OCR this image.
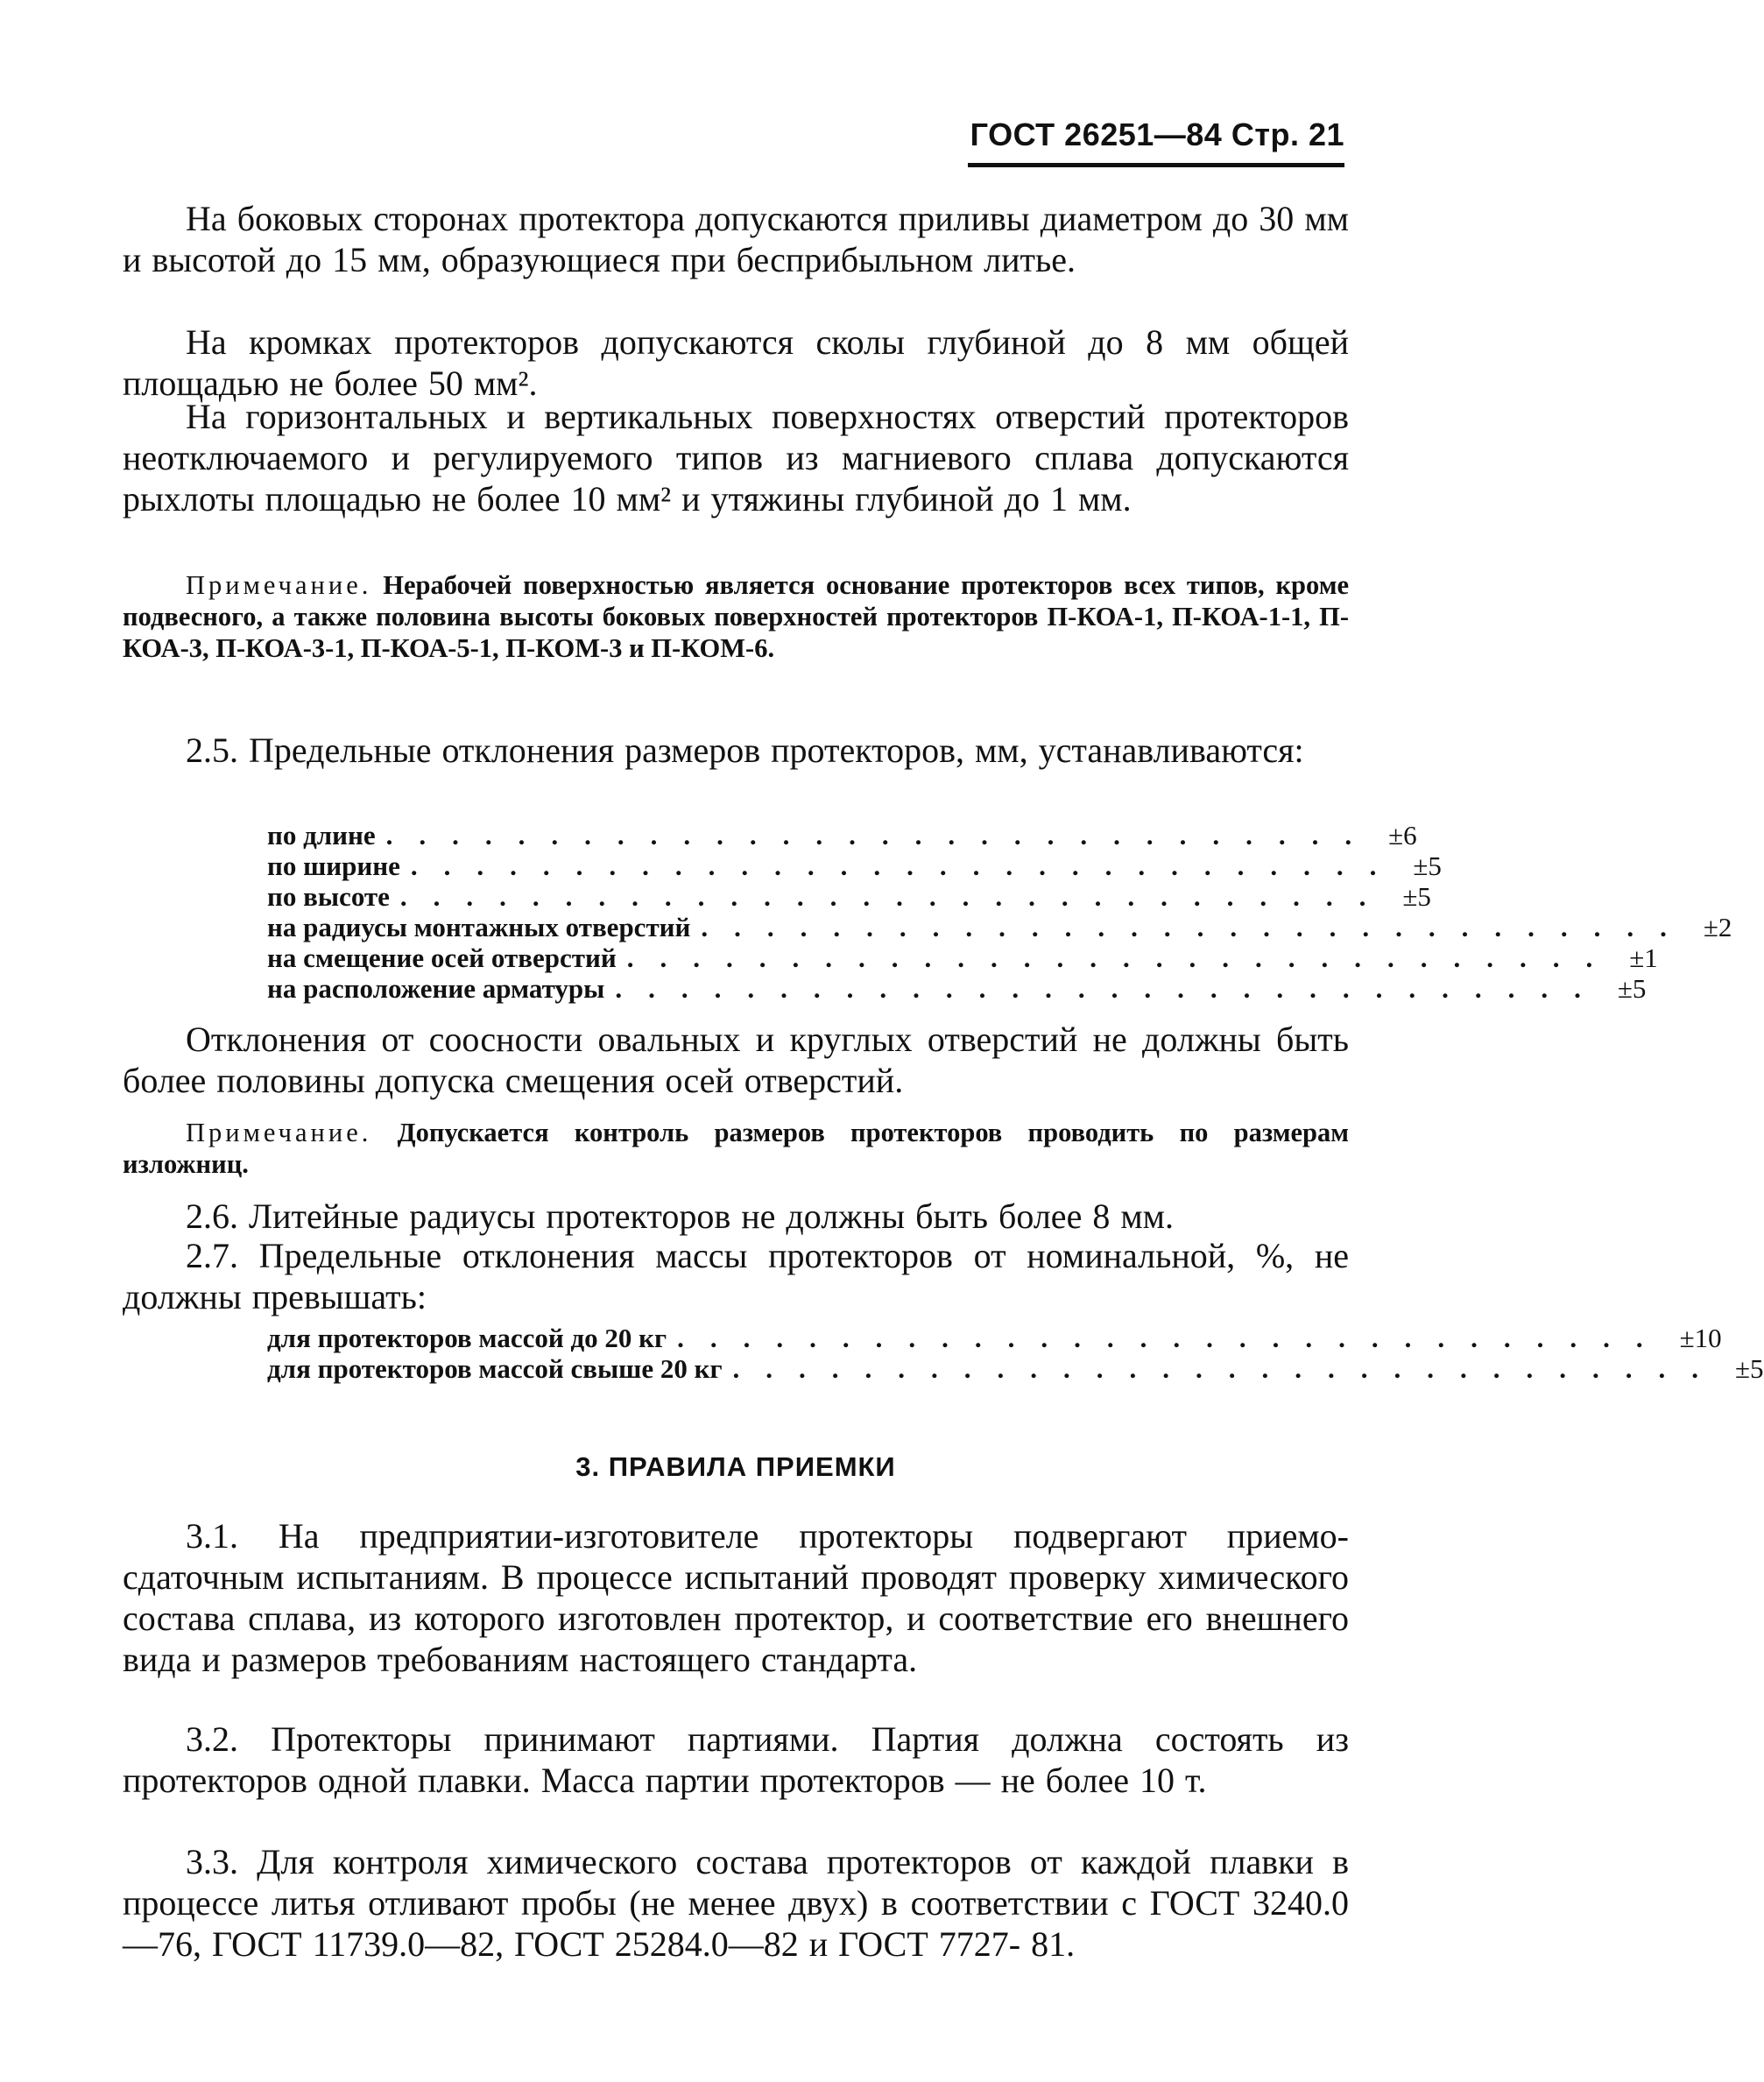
ГОСТ 26251—84 Стр. 21

На боковых сторонах протектора допускаются приливы диаметром до 30 мм и высотой до 15 мм, образующиеся при бесприбыльном литье.

На кромках протекторов допускаются сколы глубиной до 8 мм общей площадью не более 50 мм².

На горизонтальных и вертикальных поверхностях отверстий протекторов неотключаемого и регулируемого типов из магниевого сплава допускаются рыхлоты площадью не более 10 мм² и утяжины глубиной до 1 мм.

Примечание. Нерабочей поверхностью является основание протекторов всех типов, кроме подвесного, а также половина высоты боковых поверхностей протекторов П-КОА-1, П-КОА-1-1, П-КОА-3, П-КОА-3-1, П-КОА-5-1, П-КОМ-3 и П-КОМ-6.

2.5. Предельные отклонения размеров протекторов, мм, устанавливаются:

по длине .............................. ±6
по ширине .............................. ±5
по высоте .............................. ±5
на радиусы монтажных отверстий .............................. ±2
на смещение осей отверстий .............................. ±1
на расположение арматуры .............................. ±5

Отклонения от соосности овальных и круглых отверстий не должны быть более половины допуска смещения осей отверстий.

Примечание. Допускается контроль размеров протекторов проводить по размерам изложниц.

2.6. Литейные радиусы протекторов не должны быть более 8 мм.

2.7. Предельные отклонения массы протекторов от номинальной, %, не должны превышать:

для протекторов массой до 20 кг .............................. ±10
для протекторов массой свыше 20 кг .............................. ±5
3. ПРАВИЛА ПРИЕМКИ

3.1. На предприятии-изготовителе протекторы подвергают приемо-сдаточным испытаниям. В процессе испытаний проводят проверку химического состава сплава, из которого изготовлен протектор, и соответствие его внешнего вида и размеров требованиям настоящего стандарта.

3.2. Протекторы принимают партиями. Партия должна состоять из протекторов одной плавки. Масса партии протекторов — не более 10 т.

3.3. Для контроля химического состава протекторов от каждой плавки в процессе литья отливают пробы (не менее двух) в соответствии с ГОСТ 3240.0—76, ГОСТ 11739.0—82, ГОСТ 25284.0—82 и ГОСТ 7727- 81.
